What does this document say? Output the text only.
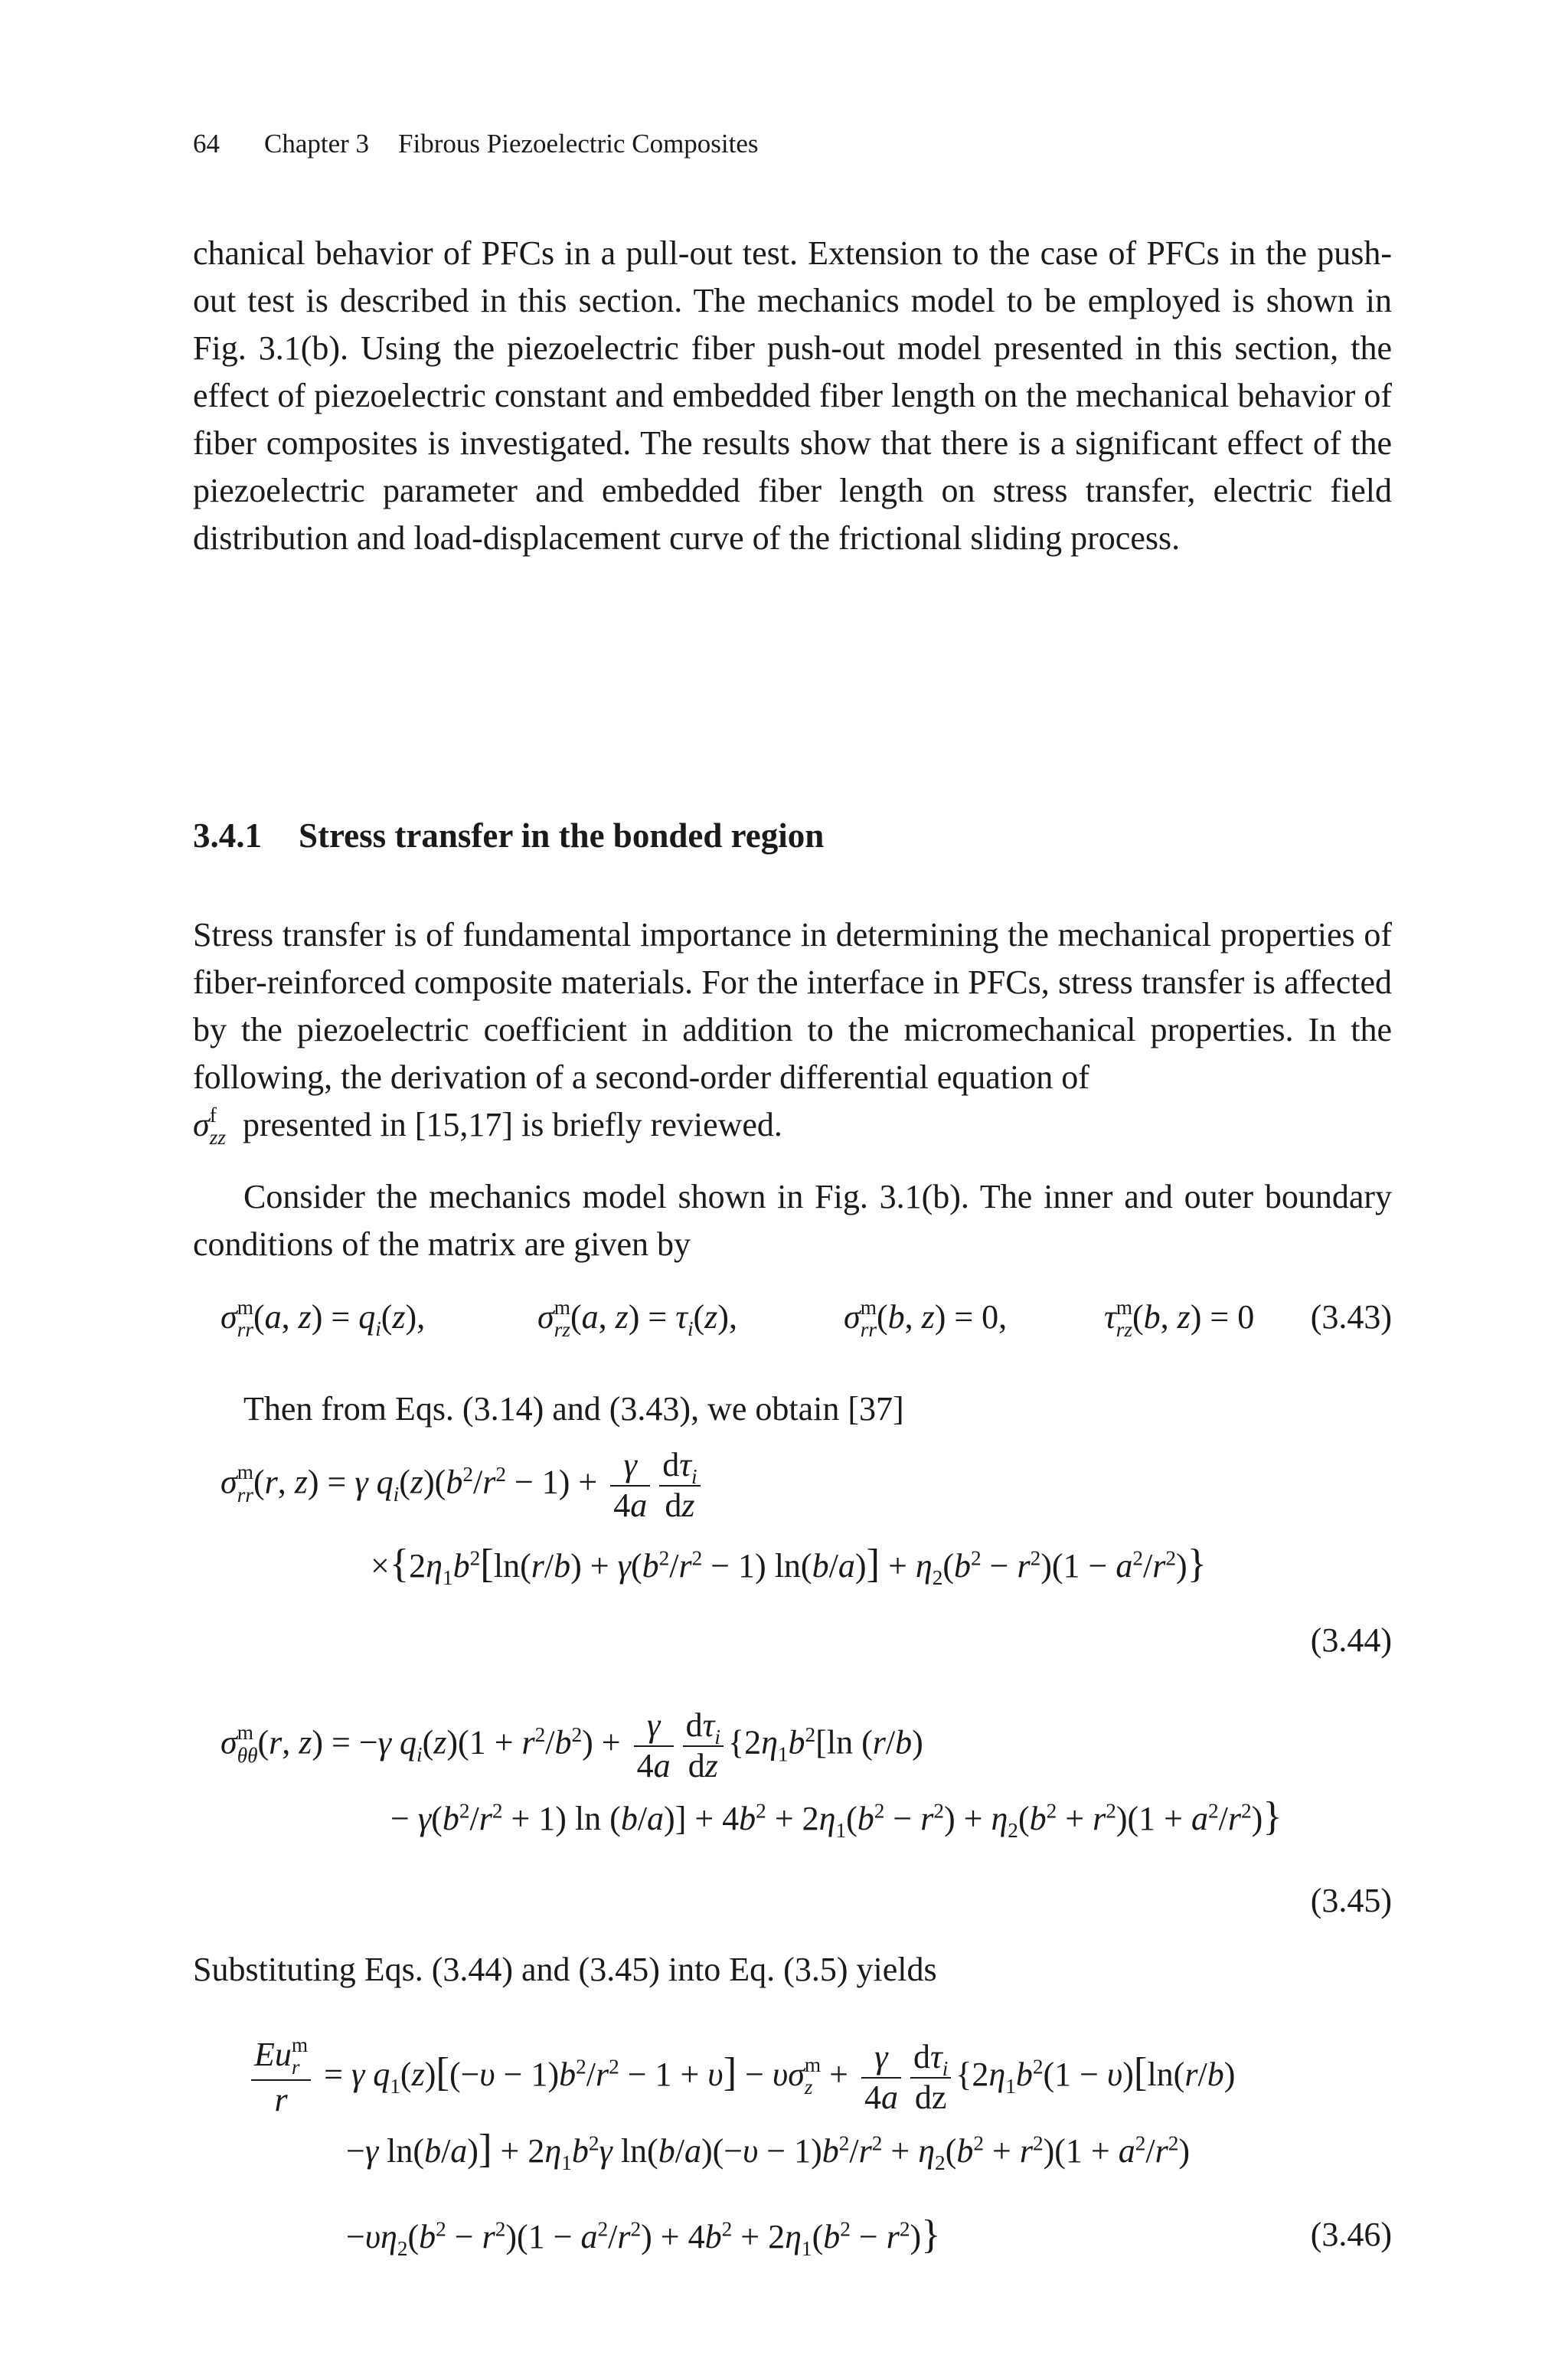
64 Chapter 3 Fibrous Piezoelectric Composites

chanical behavior of PFCs in a pull-out test. Extension to the case of PFCs in the push-out test is described in this section. The mechanics model to be employed is shown in Fig. 3.1(b). Using the piezoelectric fiber push-out model presented in this section, the effect of piezoelectric constant and embedded fiber length on the mechanical behavior of fiber composites is investigated. The results show that there is a significant effect of the piezoelectric parameter and embedded fiber length on stress transfer, electric field distribution and load-displacement curve of the frictional sliding process.

3.4.1 Stress transfer in the bonded region
Stress transfer is of fundamental importance in determining the mechanical properties of fiber-reinforced composite materials. For the interface in PFCs, stress transfer is affected by the piezoelectric coefficient in addition to the micromechanical properties. In the following, the derivation of a second-order differential equation of
σ f
zz presented in [15,17] is briefly reviewed.

Consider the mechanics model shown in Fig. 3.1(b). The inner and outer boundary conditions of the matrix are given by

σ m
rr (a, $z) = q_i(z)$,	σ m
rz (a, $z) = \tau_i(z)$,	σ m
rr (b, z) = 0,	τ m
rz (b, z) = 0 (3.43)
Then from Eqs. (3.14) and (3.43), we obtain [37]
σ m
rr (r, z) = γ $q_i(z)(b^2/r^2 - 1) + \frac{\gamma}{4a} \frac{d\tau_i}{dz}$
$\times\{2\eta_1b^2[\ln(r/b) + \gamma(b^2/r^2 - 1) \ln(b/a)] + \eta_2(b^2 - r^2)(1 - a^2/r^2)\}$
(3.44)
σ m
θθ (r, z) = −γ $q_i(z)(1 + r^2/b^2) + \frac{\gamma}{4a} \frac{d\tau_i}{dz} \{2\eta_1b^2[\ln$ (r/b)
− $\gamma(b^2/r^2 + 1)$ $\ln (b/a)] + 4b^2 + 2\eta_1(b^2 - r^2) + \eta_2(b^2 + r^2)(1 + a^2/r^2)$}
(3.45)
Substituting Eqs. (3.44) and (3.45) into Eq. (3.5) yields
Eu m
r
r = γ $q_1(z)[(-\upsilon - 1)b^2/r^2 - 1 + \upsilon] - \upsilon\sigma$ m
$z + \frac{\gamma}{4a} \frac{d\tau_i}{dz} \{2\eta_1b^2(1 - \upsilon)[\ln(r/b)$
−γ $\ln(b/a)] + 2\eta_1b^2\gamma$ $\ln(b/a)(-\upsilon - 1)b^2/r^2 + \eta_2(b^2 + r^2)(1 + a^2/r^2)$
$-\upsilon\eta_2(b^2 - r^2)(1 - a^2/r^2) + 4b^2 + 2\eta_1(b^2 - r^2)$}	(3.46)
